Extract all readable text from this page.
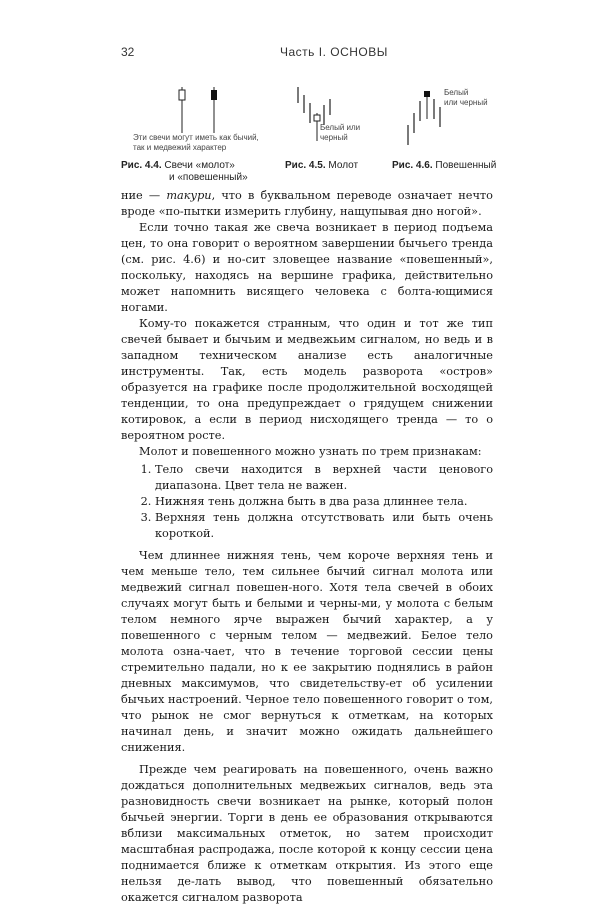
32	Часть I. ОСНОВЫ
Эти свечи могут иметь как бычий,
так и медвежий характер
Рис. 4.4. Свечи «молот»
и «повешенный»
Белый или
черный
Рис. 4.5. Молот
Белый
или черный
Рис. 4.6. Повешенный

ние — такури, что в буквальном переводе означает нечто вроде «по-пытки измерить глубину, нащупывая дно ногой».

Если точно такая же свеча возникает в период подъема цен, то она говорит о вероятном завершении бычьего тренда (см. рис. 4.6) и но-сит зловещее название «повешенный», поскольку, находясь на вершине графика, действительно может напомнить висящего человека с болта-ющимися ногами.

Кому-то покажется странным, что один и тот же тип свечей бывает и бычьим и медвежьим сигналом, но ведь и в западном техническом анализе есть аналогичные инструменты. Так, есть модель разворота «остров» образуется на графике после продолжительной восходящей тенденции, то она предупреждает о грядущем снижении котировок, а если в период нисходящего тренда — то о вероятном росте.

Молот и повешенного можно узнать по трем признакам:

1. Тело свечи находится в верхней части ценового диапазона. Цвет тела не важен.
2. Нижняя тень должна быть в два раза длиннее тела.
3. Верхняя тень должна отсутствовать или быть очень короткой.

Чем длиннее нижняя тень, чем короче верхняя тень и чем меньше тело, тем сильнее бычий сигнал молота или медвежий сигнал повешен-ного. Хотя тела свечей в обоих случаях могут быть и белыми и черны-ми, у молота с белым телом немного ярче выражен бычий характер, а у повешенного с черным телом — медвежий. Белое тело молота озна-чает, что в течение торговой сессии цены стремительно падали, но к ее закрытию поднялись в район дневных максимумов, что свидетельству-ет об усилении бычьих настроений. Черное тело повешенного говорит о том, что рынок не смог вернуться к отметкам, на которых начинал день, и значит можно ожидать дальнейшего снижения.

Прежде чем реагировать на повешенного, очень важно дождаться дополнительных медвежьих сигналов, ведь эта разновидность свечи возникает на рынке, который полон бычьей энергии. Торги в день ее образования открываются вблизи максимальных отметок, но затем происходит масштабная распродажа, после которой к концу сессии цена поднимается ближе к отметкам открытия. Из этого еще нельзя де-лать вывод, что повешенный обязательно окажется сигналом разворота
